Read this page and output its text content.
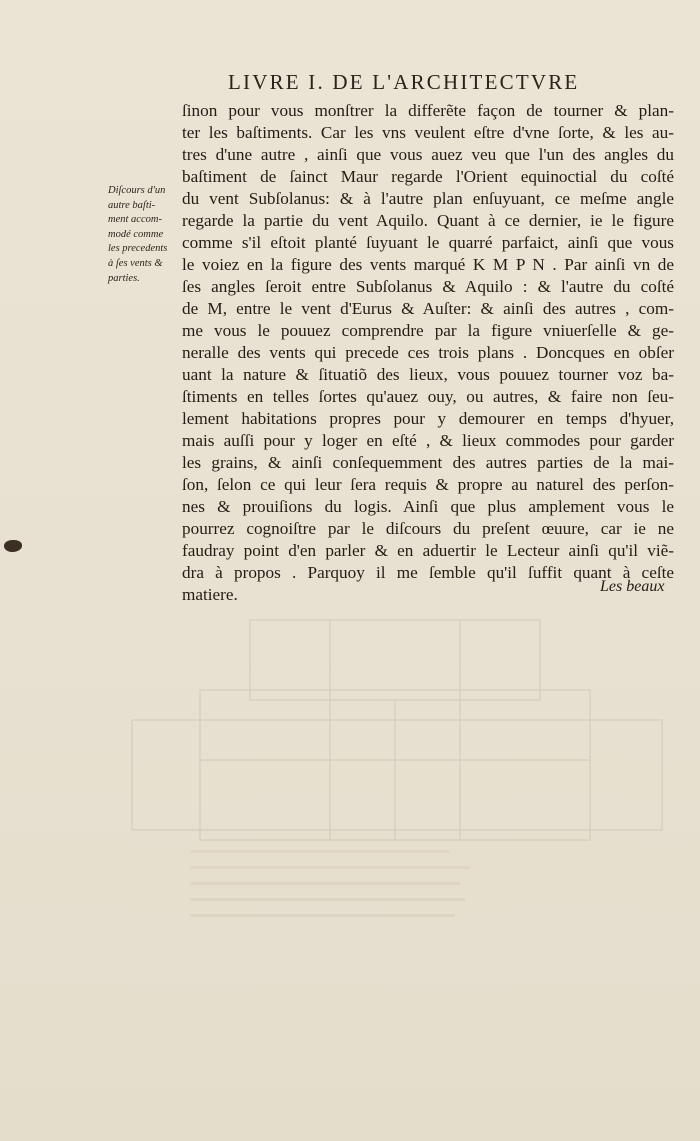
LIVRE I. DE L'ARCHITECTVRE
Diſcours d'un
autre baſti-
ment accom-
modé comme
les precedents
à ſes vents &
parties.
ſinon pour vous monſtrer la differẽte façon de tourner & plan-
ter les baſtiments. Car les vns veulent eſtre d'vne ſorte, & les au-
tres d'une autre , ainſi que vous auez veu que l'un des angles du
baſtiment de ſainct Maur regarde l'Orient equinoctial du coſté
du vent Subſolanus: & à l'autre plan enſuyuant, ce meſme angle
regarde la partie du vent Aquilo. Quant à ce dernier, ie le figure
comme s'il eſtoit planté ſuyuant le quarré parfaict, ainſi que vous
le voiez en la figure des vents marqué K M P N . Par ainſi vn de
ſes angles ſeroit entre Subſolanus & Aquilo : & l'autre du coſté
de M, entre le vent d'Eurus & Auſter: & ainſi des autres , com-
me vous le pouuez comprendre par la figure vniuerſelle & ge-
neralle des vents qui precede ces trois plans . Doncques en obſer
uant la nature & ſituatiõ des lieux, vous pouuez tourner voz ba-
ſtiments en telles ſortes qu'auez ouy, ou autres, & faire non ſeu-
lement habitations propres pour y demourer en temps d'hyuer,
mais auſſi pour y loger en eſté , & lieux commodes pour garder
les grains, & ainſi conſequemment des autres parties de la mai-
ſon, ſelon ce qui leur ſera requis & propre au naturel des perſon-
nes & prouiſions du logis. Ainſi que plus amplement vous le
pourrez cognoiſtre par le diſcours du preſent œuure, car ie ne
faudray point d'en parler & en aduertir le Lecteur ainſi qu'il viẽ-
dra à propos . Parquoy il me ſemble qu'il ſuffit quant à ceſte
matiere.	Les beaux
